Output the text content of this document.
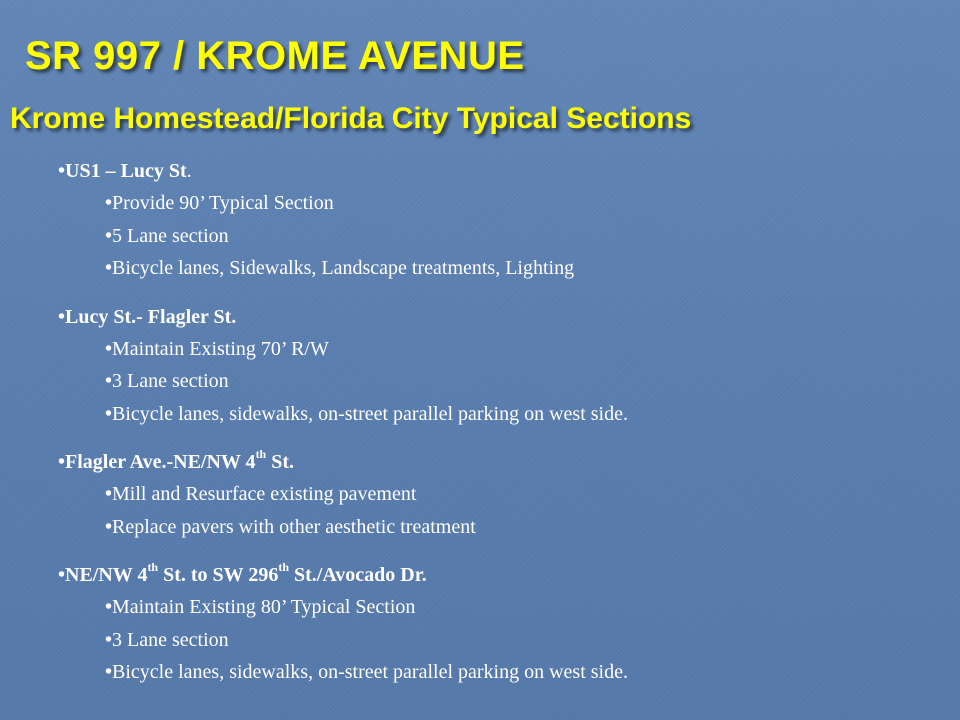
SR 997 / KROME AVENUE
Krome Homestead/Florida City Typical Sections
•US1 – Lucy St.
•Provide 90’ Typical Section
•5 Lane section
•Bicycle lanes, Sidewalks, Landscape treatments, Lighting
•Lucy St.- Flagler St.
•Maintain Existing 70’ R/W
•3 Lane section
•Bicycle lanes, sidewalks, on-street parallel parking on west side.
•Flagler Ave.-NE/NW 4th St.
•Mill and Resurface existing pavement
•Replace pavers with other aesthetic treatment
•NE/NW 4th St. to SW 296th St./Avocado Dr.
•Maintain Existing 80’ Typical Section
•3 Lane section
•Bicycle lanes, sidewalks, on-street parallel parking on west side.
